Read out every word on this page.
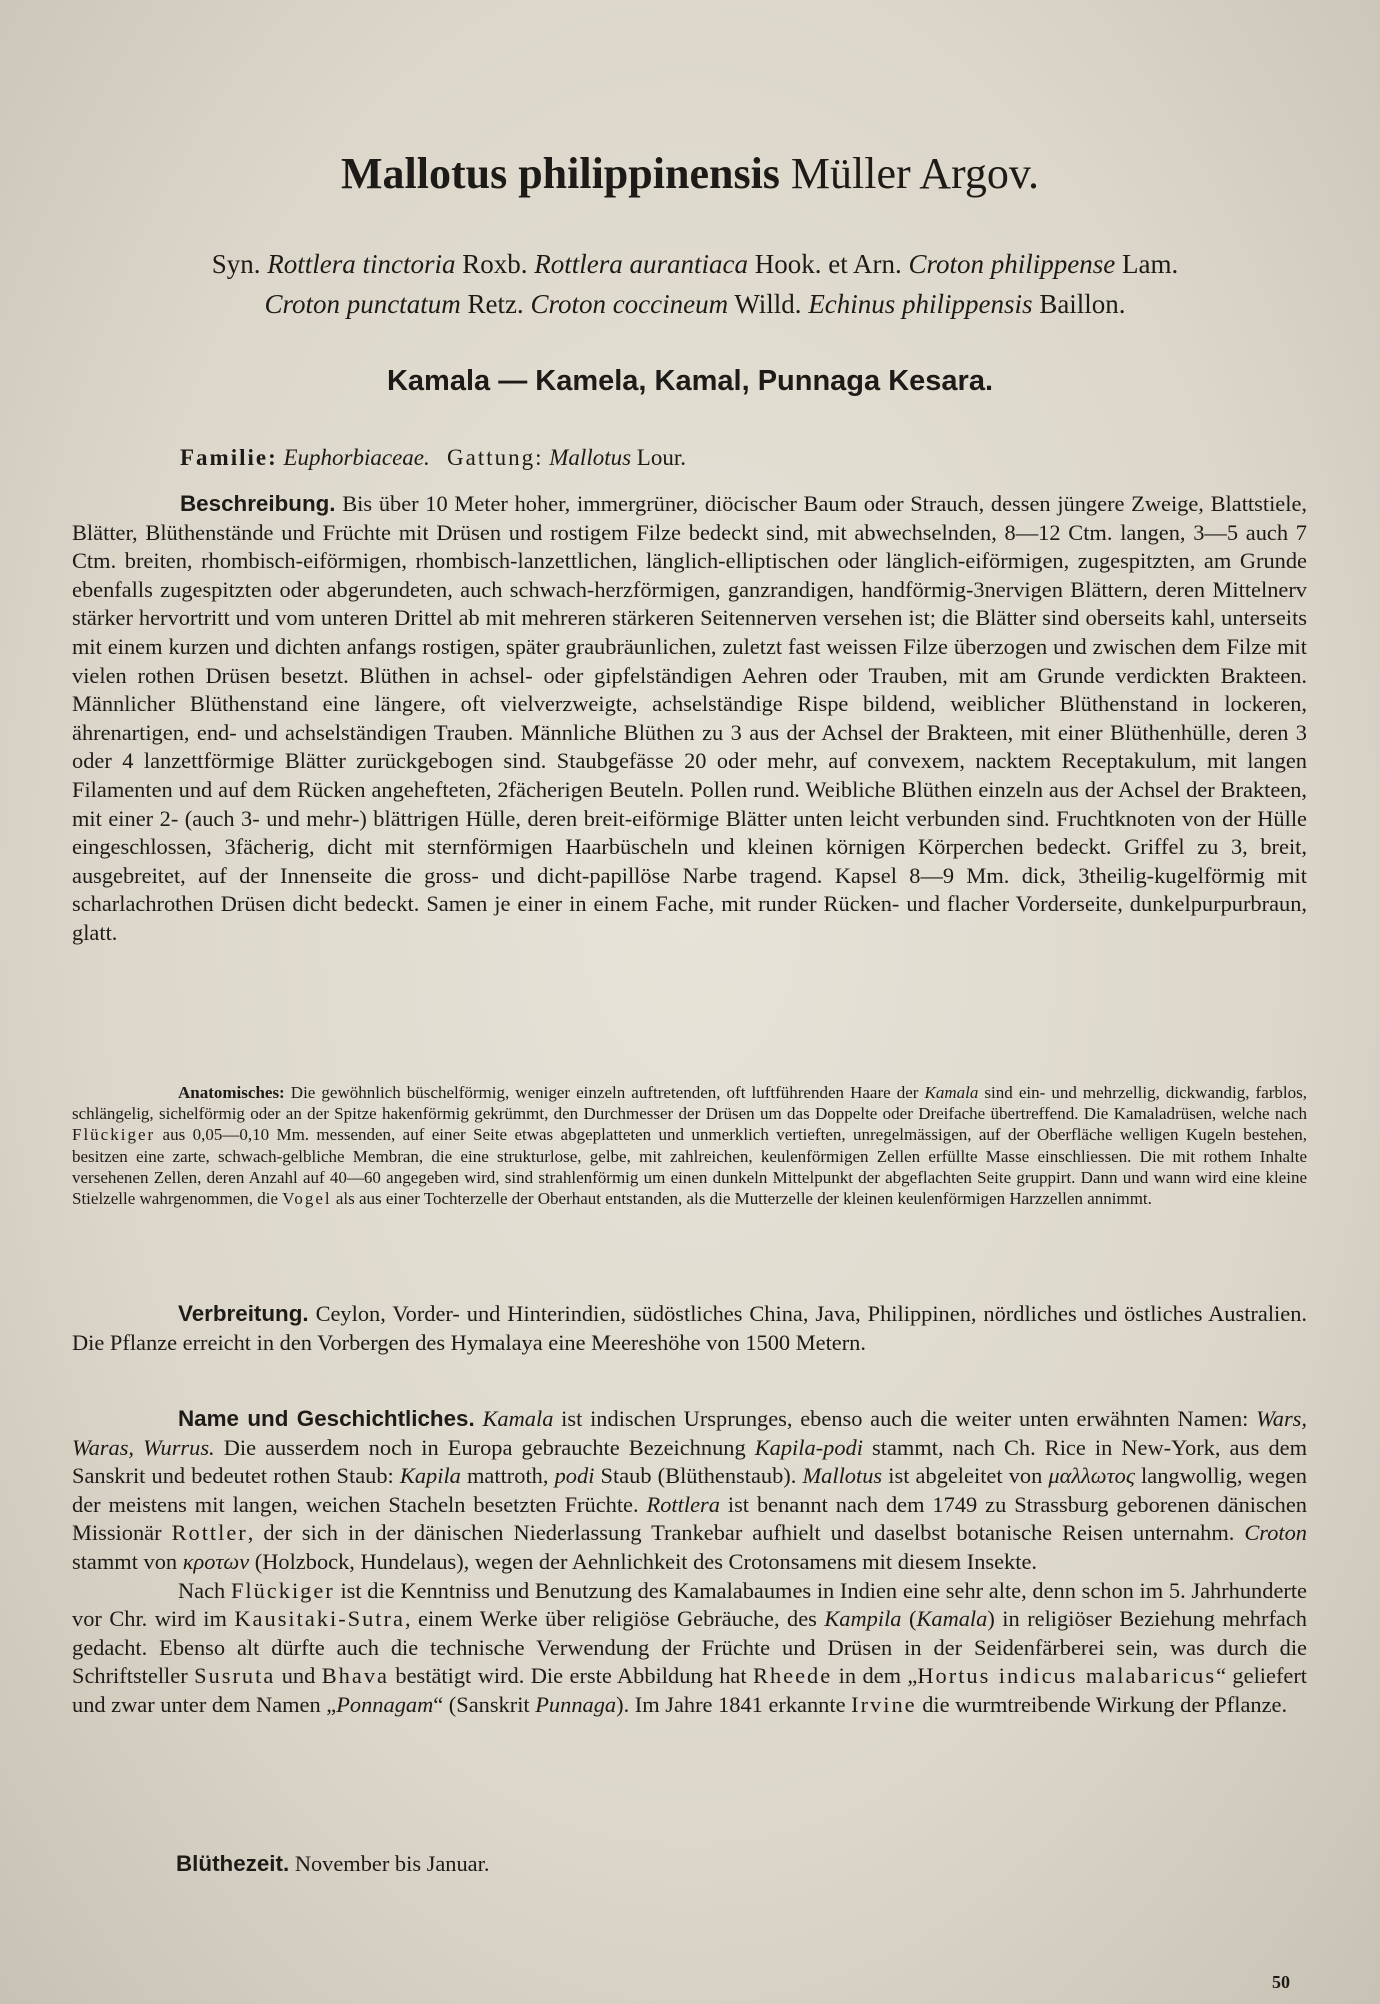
Mallotus philippinensis Müller Argov.
Syn. Rottlera tinctoria Roxb. Rottlera aurantiaca Hook. et Arn. Croton philippense Lam.
Croton punctatum Retz. Croton coccineum Willd. Echinus philippensis Baillon.
Kamala — Kamela, Kamal, Punnaga Kesara.
Familie: Euphorbiaceae. Gattung: Mallotus Lour.
Beschreibung. Bis über 10 Meter hoher, immergrüner, diöcischer Baum oder Strauch, dessen jüngere Zweige, Blattstiele, Blätter, Blüthenstände und Früchte mit Drüsen und rostigem Filze bedeckt sind, mit abwechselnden, 8—12 Ctm. langen, 3—5 auch 7 Ctm. breiten, rhombisch-eiförmigen, rhombisch-lanzettlichen, länglich-elliptischen oder länglich-eiförmigen, zugespitzten, am Grunde ebenfalls zugespitzten oder abgerundeten, auch schwach-herzförmigen, ganzrandigen, handförmig-3nervigen Blättern, deren Mittelnerv stärker hervortritt und vom unteren Drittel ab mit mehreren stärkeren Seitennerven versehen ist; die Blätter sind oberseits kahl, unterseits mit einem kurzen und dichten anfangs rostigen, später graubräunlichen, zuletzt fast weissen Filze überzogen und zwischen dem Filze mit vielen rothen Drüsen besetzt. Blüthen in achsel- oder gipfelständigen Aehren oder Trauben, mit am Grunde verdickten Brakteen. Männlicher Blüthenstand eine längere, oft vielverzweigte, achselständige Rispe bildend, weiblicher Blüthenstand in lockeren, ährenartigen, end- und achselständigen Trauben. Männliche Blüthen zu 3 aus der Achsel der Brakteen, mit einer Blüthenhülle, deren 3 oder 4 lanzettförmige Blätter zurückgebogen sind. Staubgefässe 20 oder mehr, auf convexem, nacktem Receptakulum, mit langen Filamenten und auf dem Rücken angehefteten, 2fächerigen Beuteln. Pollen rund. Weibliche Blüthen einzeln aus der Achsel der Brakteen, mit einer 2- (auch 3- und mehr-) blättrigen Hülle, deren breit-eiförmige Blätter unten leicht verbunden sind. Fruchtknoten von der Hülle eingeschlossen, 3fächerig, dicht mit sternförmigen Haarbüscheln und kleinen körnigen Körperchen bedeckt. Griffel zu 3, breit, ausgebreitet, auf der Innenseite die gross- und dicht-papillöse Narbe tragend. Kapsel 8—9 Mm. dick, 3theilig-kugelförmig mit scharlachrothen Drüsen dicht bedeckt. Samen je einer in einem Fache, mit runder Rücken- und flacher Vorderseite, dunkelpurpurbraun, glatt.
Anatomisches: Die gewöhnlich büschelförmig, weniger einzeln auftretenden, oft luftführenden Haare der Kamala sind ein- und mehrzellig, dickwandig, farblos, schlängelig, sichelförmig oder an der Spitze hakenförmig gekrümmt, den Durchmesser der Drüsen um das Doppelte oder Dreifache übertreffend. Die Kamaladrüsen, welche nach Flückiger aus 0,05—0,10 Mm. messenden, auf einer Seite etwas abgeplatteten und unmerklich vertieften, unregelmässigen, auf der Oberfläche welligen Kugeln bestehen, besitzen eine zarte, schwach-gelbliche Membran, die eine strukturlose, gelbe, mit zahlreichen, keulenförmigen Zellen erfüllte Masse einschliessen. Die mit rothem Inhalte versehenen Zellen, deren Anzahl auf 40—60 angegeben wird, sind strahlenförmig um einen dunkeln Mittelpunkt der abgeflachten Seite gruppirt. Dann und wann wird eine kleine Stielzelle wahrgenommen, die Vogel als aus einer Tochterzelle der Oberhaut entstanden, als die Mutterzelle der kleinen keulenförmigen Harzzellen annimmt.
Verbreitung. Ceylon, Vorder- und Hinterindien, südöstliches China, Java, Philippinen, nördliches und östliches Australien. Die Pflanze erreicht in den Vorbergen des Hymalaya eine Meereshöhe von 1500 Metern.

Name und Geschichtliches. Kamala ist indischen Ursprunges, ebenso auch die weiter unten erwähnten Namen: Wars, Waras, Wurrus. Die ausserdem noch in Europa gebrauchte Bezeichnung Kapila-podi stammt, nach Ch. Rice in New-York, aus dem Sanskrit und bedeutet rothen Staub: Kapila mattroth, podi Staub (Blüthenstaub). Mallotus ist abgeleitet von μαλλωτος langwollig, wegen der meistens mit langen, weichen Stacheln besetzten Früchte. Rottlera ist benannt nach dem 1749 zu Strassburg geborenen dänischen Missionär Rottler, der sich in der dänischen Niederlassung Trankebar aufhielt und daselbst botanische Reisen unternahm. Croton stammt von κροτων (Holzbock, Hundelaus), wegen der Aehnlichkeit des Crotonsamens mit diesem Insekte.

Nach Flückiger ist die Kenntniss und Benutzung des Kamalabaumes in Indien eine sehr alte, denn schon im 5. Jahrhunderte vor Chr. wird im Kausitaki-Sutra, einem Werke über religiöse Gebräuche, des Kampila (Kamala) in religiöser Beziehung mehrfach gedacht. Ebenso alt dürfte auch die technische Verwendung der Früchte und Drüsen in der Seidenfärberei sein, was durch die Schriftsteller Susruta und Bhava bestätigt wird. Die erste Abbildung hat Rheede in dem „Hortus indicus malabaricus“ geliefert und zwar unter dem Namen „Ponnagam“ (Sanskrit Punnaga). Im Jahre 1841 erkannte Irvine die wurmtreibende Wirkung der Pflanze.

Blüthezeit. November bis Januar.
50
